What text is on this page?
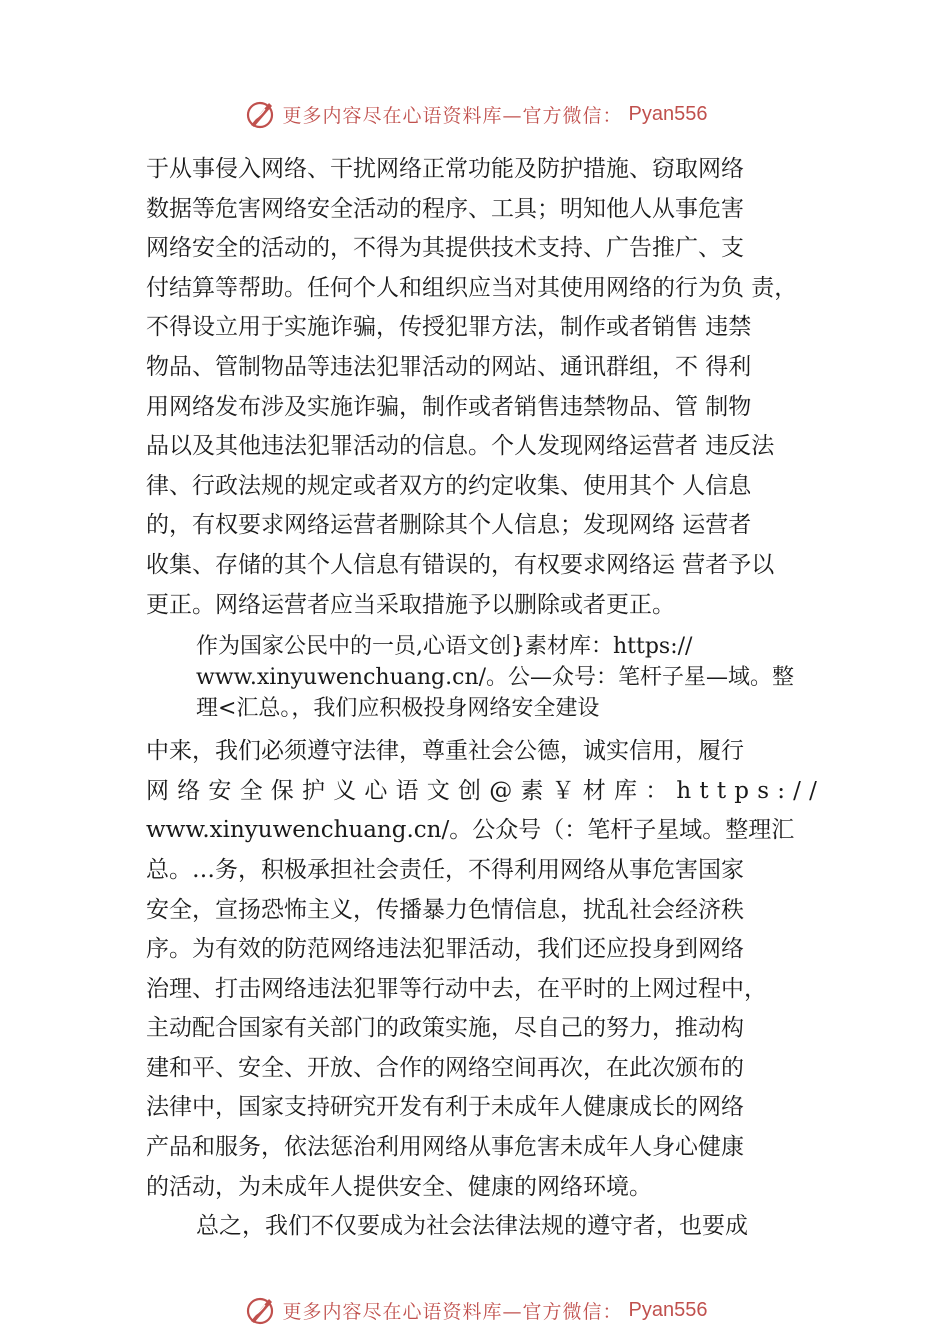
更多内容尽在心语资料库—官方微信： Pyan556
于从事侵入网络、干扰网络正常功能及防护措施、窃取网络
数据等危害网络安全活动的程序、工具；明知他人从事危害
网络安全的活动的，不得为其提供技术支持、广告推广、支
付结算等帮助。任何个人和组织应当对其使用网络的行为负 责，
不得设立用于实施诈骗，传授犯罪方法，制作或者销售 违禁
物品、管制物品等违法犯罪活动的网站、通讯群组，不 得利
用网络发布涉及实施诈骗，制作或者销售违禁物品、管 制物
品以及其他违法犯罪活动的信息。个人发现网络运营者 违反法
律、行政法规的规定或者双方的约定收集、使用其个 人信息
的，有权要求网络运营者删除其个人信息；发现网络 运营者
收集、存储的其个人信息有错误的，有权要求网络运 营者予以
更正。网络运营者应当采取措施予以删除或者更正。
作为国家公民中的一员,心语文创}素材库：https://
www.xinyuwenchuang.cn/。公—众号：笔杆子星—域。整
理<汇总。，我们应积极投身网络安全建设
中来，我们必须遵守法律，尊重社会公德，诚实信用，履行
网络安全保护义心语文创@素￥材库：https://
www.xinyuwenchuang.cn/。公众号（：笔杆子星域。整理汇
总。…务，积极承担社会责任，不得利用网络从事危害国家
安全，宣扬恐怖主义，传播暴力色情信息，扰乱社会经济秩
序。为有效的防范网络违法犯罪活动，我们还应投身到网络
治理、打击网络违法犯罪等行动中去，在平时的上网过程中，
主动配合国家有关部门的政策实施，尽自己的努力，推动构
建和平、安全、开放、合作的网络空间再次，在此次颁布的
法律中，国家支持研究开发有利于未成年人健康成长的网络
产品和服务，依法惩治利用网络从事危害未成年人身心健康
的活动，为未成年人提供安全、健康的网络环境。
总之，我们不仅要成为社会法律法规的遵守者，也要成
更多内容尽在心语资料库—官方微信： Pyan556
